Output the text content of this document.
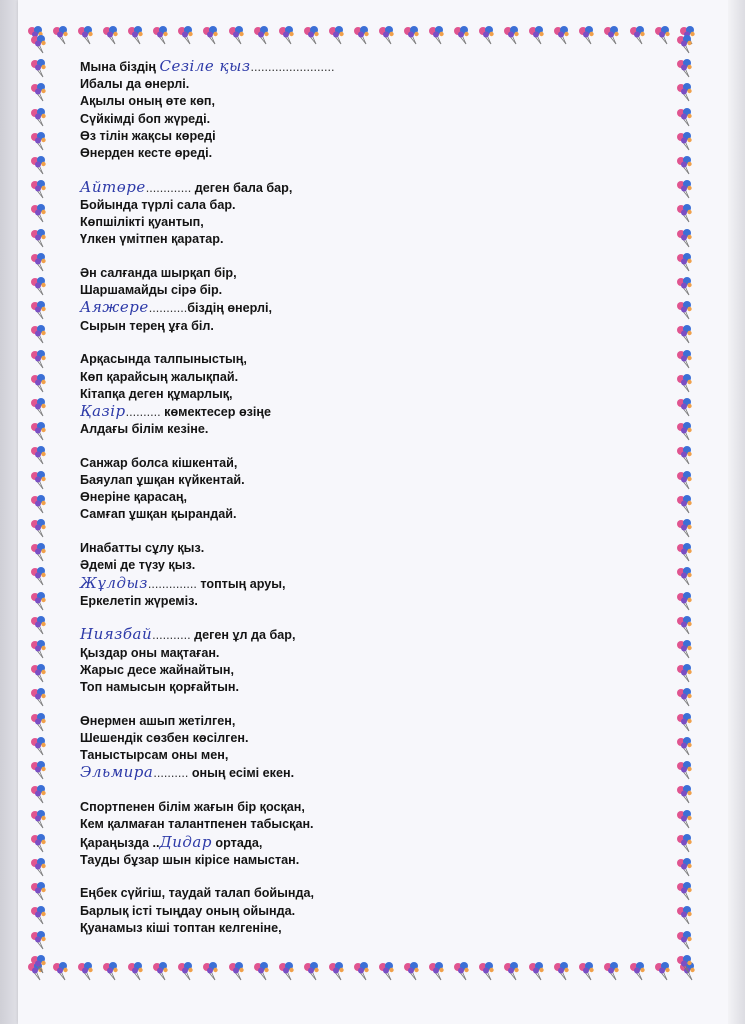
Мына біздің Сезіле қыз........................
Ибалы да өнерлі.
Ақылы оның өте көп,
Сүйкімді боп жүреді.
Өз тілін жақсы көреді
Өнерден кесте өреді.
Айтөре............. деген бала бар,
Бойында түрлі сала бар.
Көпшілікті қуантып,
Үлкен үмітпен қаратар.
Ән салғанда шырқап бір,
Шаршамайды сірә бір.
Аяжере...........біздің өнерлі,
Сырын терең ұға біл.
Арқасында талпыныстың,
Көп қарайсың жалықпай.
Кітапқа деген құмарлық,
Қазір.......... көмектесер өзіңе
Алдағы білім кезіне.
Санжар болса кішкентай,
Баяулап ұшқан күйкентай.
Өнеріне қарасаң,
Самғап ұшқан қырандай.
Инабатты сұлу қыз.
Әдемі де түзу қыз.
Жұлдыз.............. топтың аруы,
Еркелетіп жүреміз.
Ниязбай........... деген ұл да бар,
Қыздар оны мақтаған.
Жарыс десе жайнайтын,
Топ намысын қорғайтын.
Өнермен ашып жетілген,
Шешендік сөзбен көсілген.
Таныстырсам оны мен,
Эльмира.......... оның есімі екен.
Спортпенен білім жағын бір қосқан,
Кем қалмаған талантпенен табысқан.
Қараңызда ..Дидар ортада,
Тауды бұзар шын кірісе намыстан.
Еңбек сүйгіш, таудай талап бойында,
Барлық істі тыңдау оның ойында.
Қуанамыз кіші топтан келгеніне,
